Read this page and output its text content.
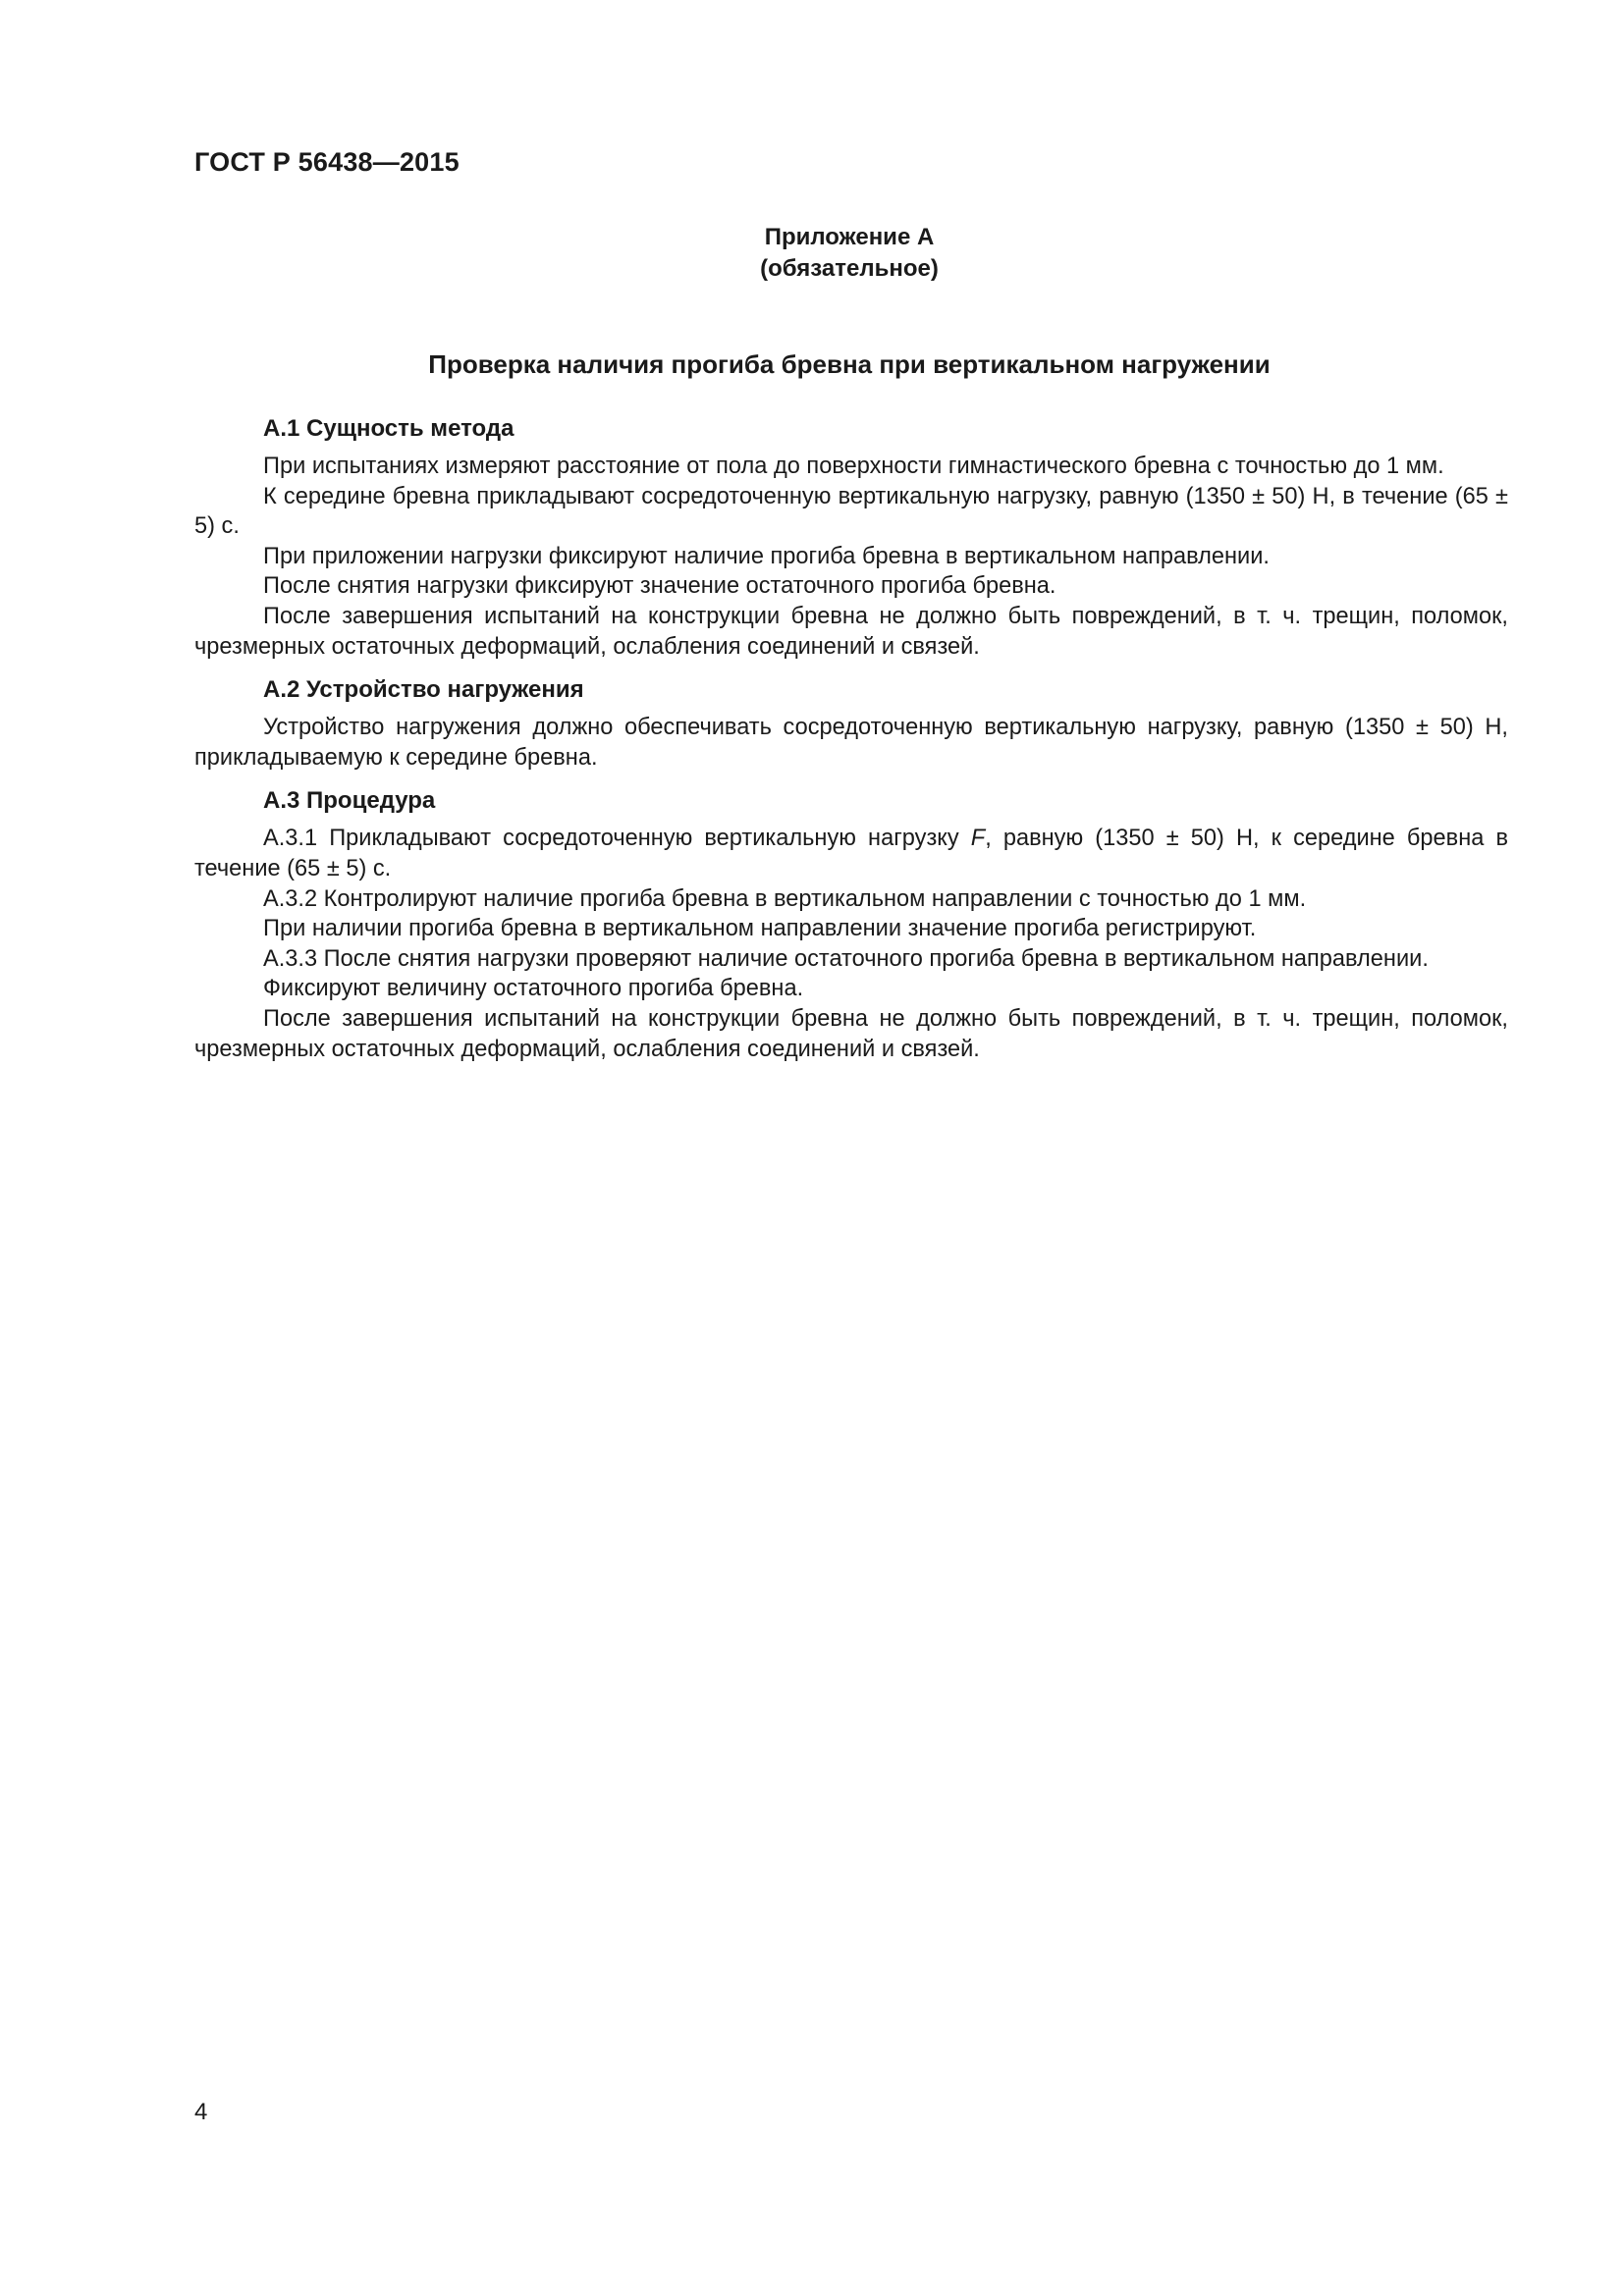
ГОСТ Р 56438—2015
Приложение А
(обязательное)
Проверка наличия прогиба бревна при вертикальном нагружении
А.1 Сущность метода

При испытаниях измеряют расстояние от пола до поверхности гимнастического бревна с точностью до 1 мм.

К середине бревна прикладывают сосредоточенную вертикальную нагрузку, равную (1350 ± 50) Н, в течение (65 ± 5) с.

При приложении нагрузки фиксируют наличие прогиба бревна в вертикальном направлении.

После снятия нагрузки фиксируют значение остаточного прогиба бревна.

После завершения испытаний на конструкции бревна не должно быть повреждений, в т. ч. трещин, поломок, чрезмерных остаточных деформаций, ослабления соединений и связей.

А.2 Устройство нагружения

Устройство нагружения должно обеспечивать сосредоточенную вертикальную нагрузку, равную (1350 ± 50) Н, прикладываемую к середине бревна.

А.3 Процедура

А.3.1 Прикладывают сосредоточенную вертикальную нагрузку F, равную (1350 ± 50) Н, к середине бревна в течение (65 ± 5) с.

А.3.2 Контролируют наличие прогиба бревна в вертикальном направлении с точностью до 1 мм.

При наличии прогиба бревна в вертикальном направлении значение прогиба регистрируют.

А.3.3 После снятия нагрузки проверяют наличие остаточного прогиба бревна в вертикальном направлении.

Фиксируют величину остаточного прогиба бревна.

После завершения испытаний на конструкции бревна не должно быть повреждений, в т. ч. трещин, поломок, чрезмерных остаточных деформаций, ослабления соединений и связей.

4
